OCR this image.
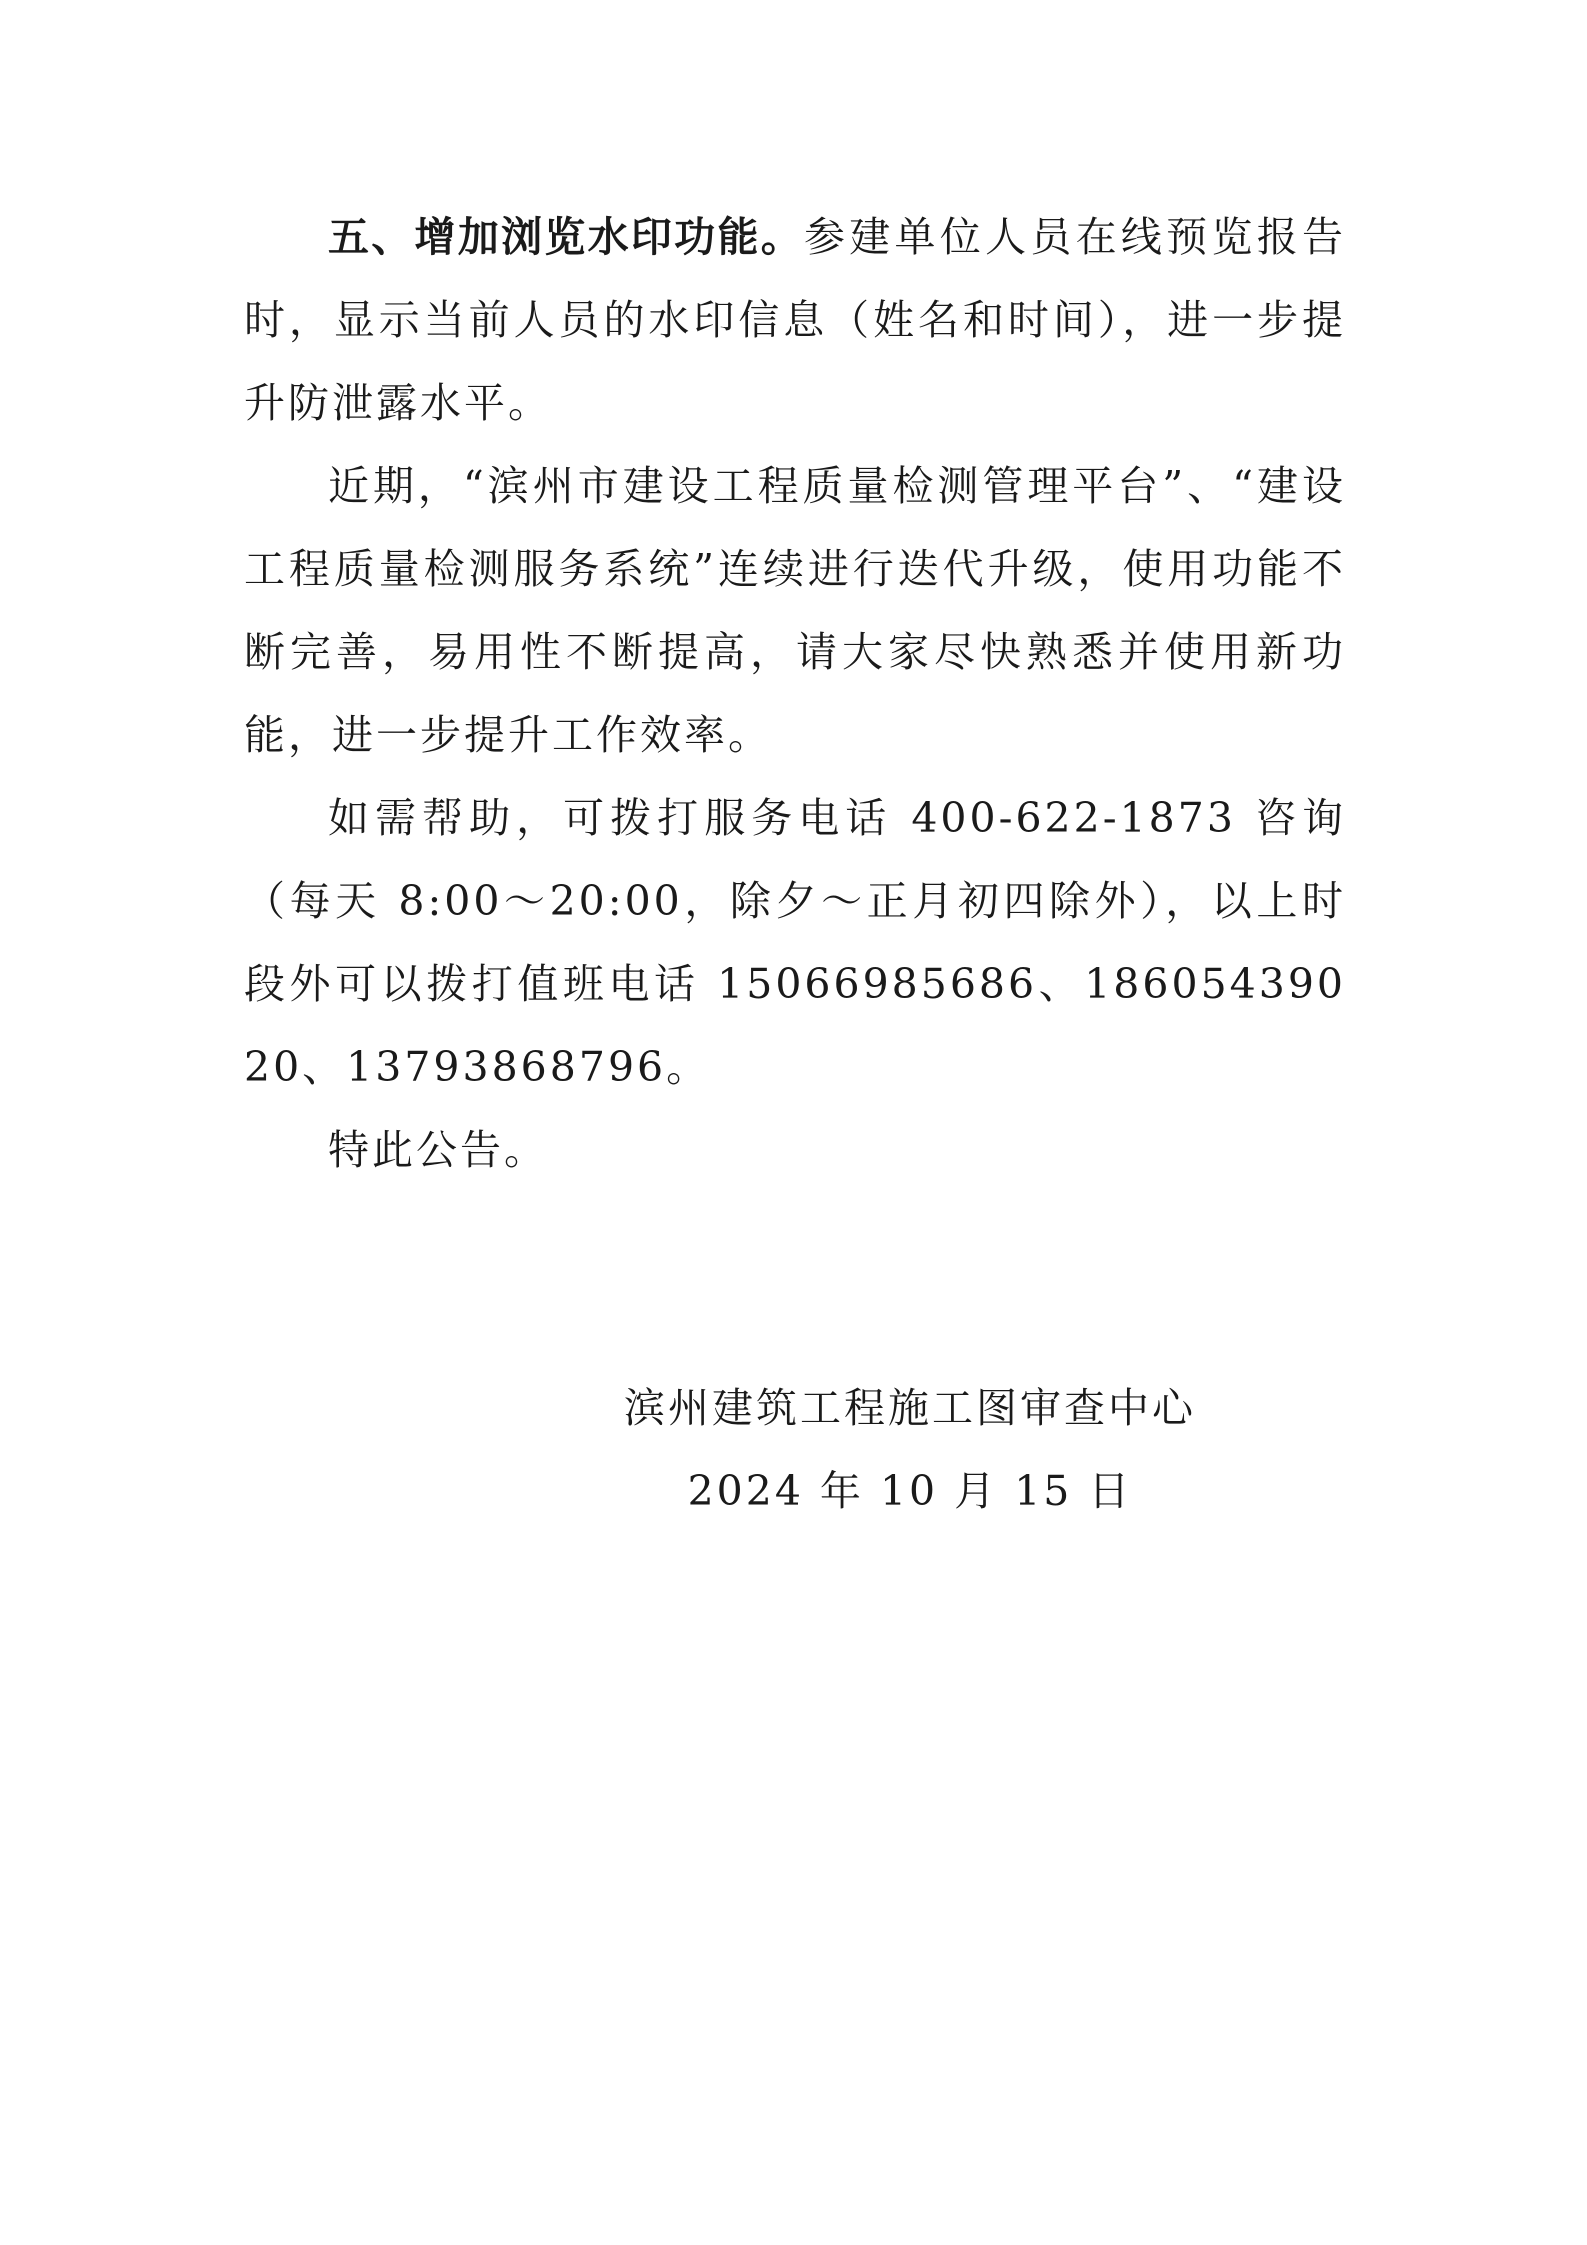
五、增加浏览水印功能。参建单位人员在线预览报告时，显示当前人员的水印信息（姓名和时间），进一步提升防泄露水平。

近期，“滨州市建设工程质量检测管理平台”、“建设工程质量检测服务系统”连续进行迭代升级，使用功能不断完善，易用性不断提高，请大家尽快熟悉并使用新功能，进一步提升工作效率。

如需帮助，可拨打服务电话 400-622-1873 咨询（每天 8:00～20:00，除夕～正月初四除外），以上时段外可以拨打值班电话 15066985686、18605439020、13793868796。

特此公告。

滨州建筑工程施工图审查中心
2024 年 10 月 15 日
